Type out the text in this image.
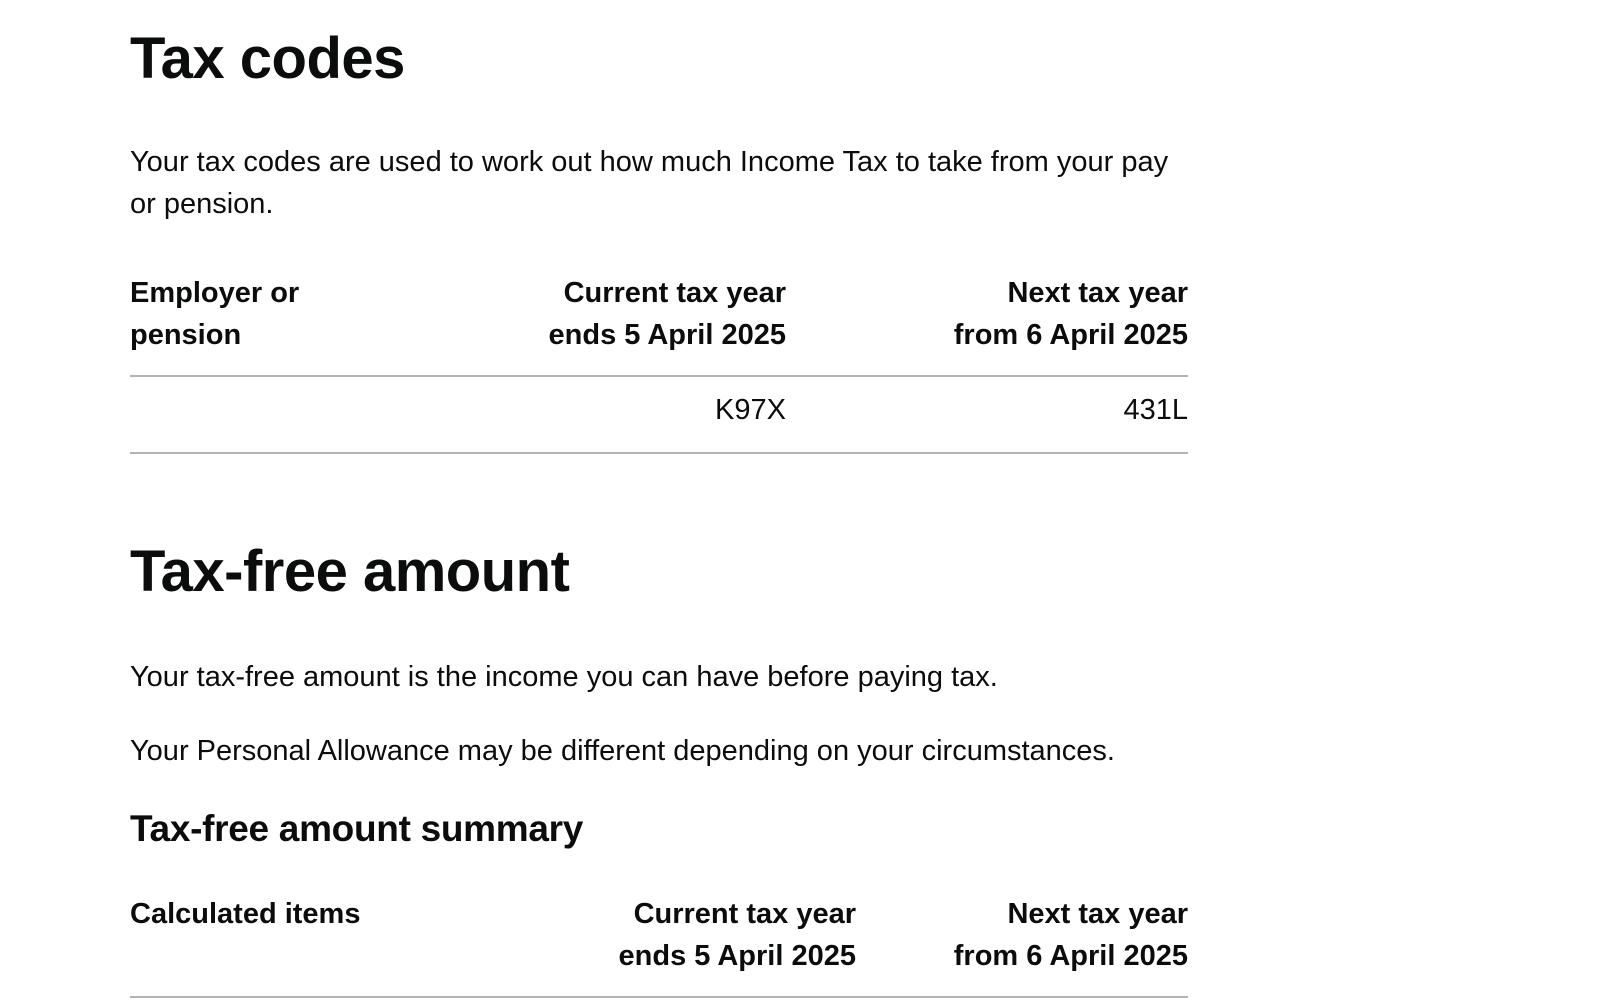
Tax codes

Your tax codes are used to work out how much Income Tax to take from your pay or pension.

Employer or
pension
Current tax year
ends 5 April 2025
Next tax year
from 6 April 2025
K97X	431L
Tax-free amount

Your tax-free amount is the income you can have before paying tax.

Your Personal Allowance may be different depending on your circumstances.

Tax-free amount summary
Calculated items	Current tax year
ends 5 April 2025
Next tax year
from 6 April 2025
